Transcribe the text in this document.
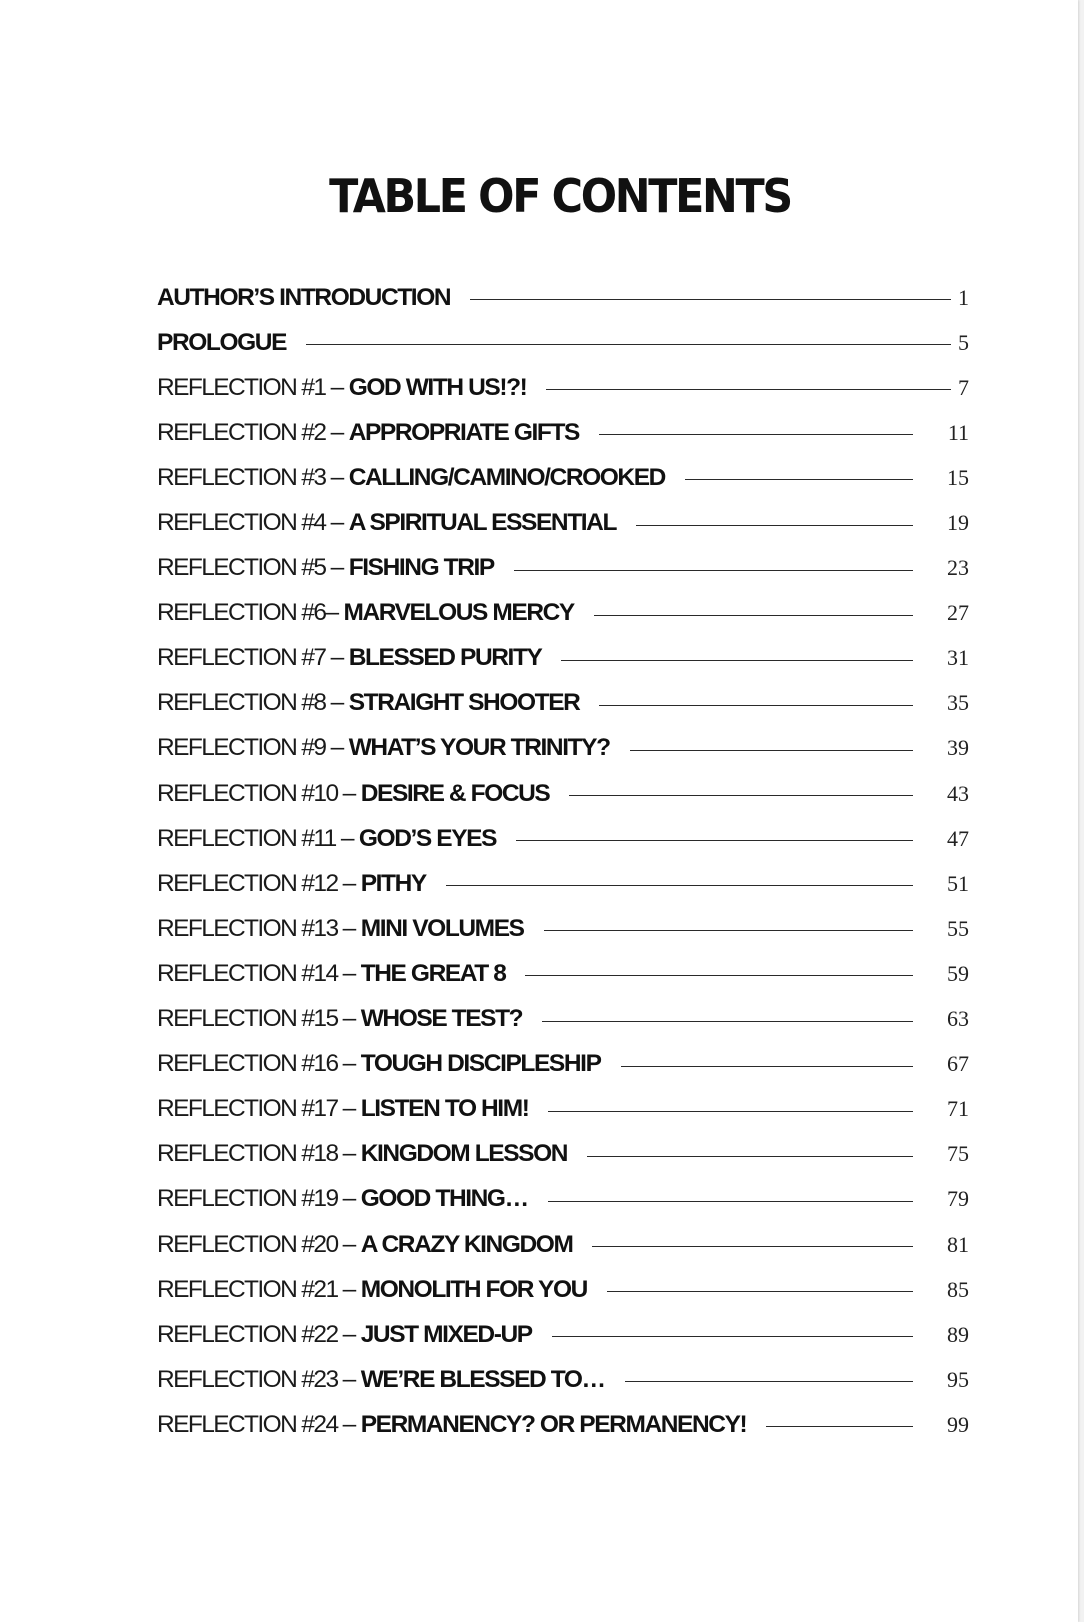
TABLE OF CONTENTS
AUTHOR’S INTRODUCTION	1
PROLOGUE	5
REFLECTION #1 – GOD WITH US!?!	7
REFLECTION #2 – APPROPRIATE GIFTS	11
REFLECTION #3 – CALLING/CAMINO/CROOKED	15
REFLECTION #4 – A SPIRITUAL ESSENTIAL	19
REFLECTION #5 – FISHING TRIP	23
REFLECTION #6– MARVELOUS MERCY	27
REFLECTION #7 – BLESSED PURITY	31
REFLECTION #8 – STRAIGHT SHOOTER	35
REFLECTION #9 – WHAT’S YOUR TRINITY?	39
REFLECTION #10 – DESIRE & FOCUS	43
REFLECTION #11 – GOD’S EYES	47
REFLECTION #12 – PITHY	51
REFLECTION #13 – MINI VOLUMES	55
REFLECTION #14 – THE GREAT 8	59
REFLECTION #15 – WHOSE TEST?	63
REFLECTION #16 – TOUGH DISCIPLESHIP	67
REFLECTION #17 – LISTEN TO HIM!	71
REFLECTION #18 – KINGDOM LESSON	75
REFLECTION #19 – GOOD THING…	79
REFLECTION #20 – A CRAZY KINGDOM	81
REFLECTION #21 – MONOLITH FOR YOU	85
REFLECTION #22 – JUST MIXED-UP	89
REFLECTION #23 – WE’RE BLESSED TO…	95
REFLECTION #24 – PERMANENCY? OR PERMANENCY!	99
